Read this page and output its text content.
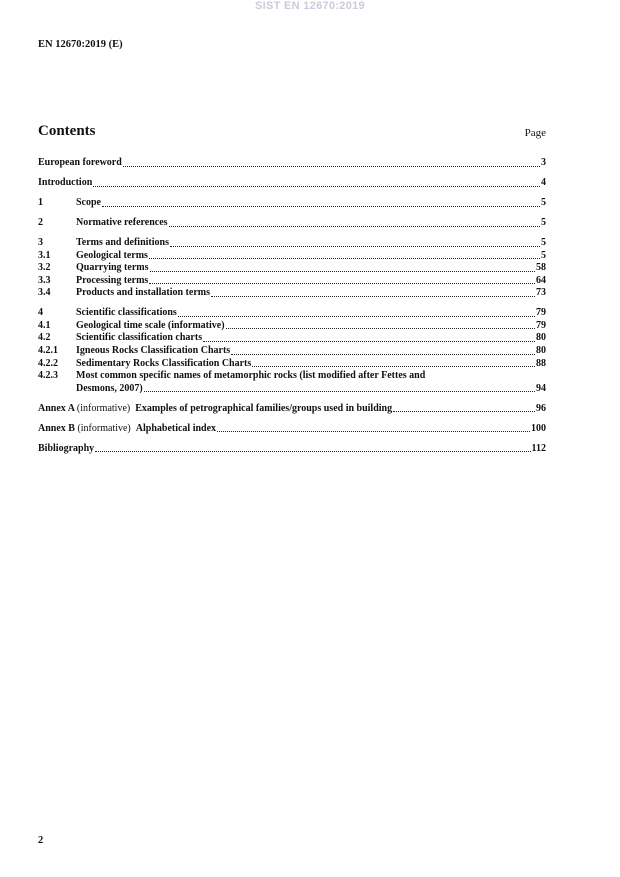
SIST EN 12670:2019
EN 12670:2019 (E)
Contents	Page
European foreword	3
Introduction	4
1	Scope	5
2	Normative references	5
3	Terms and definitions	5
3.1	Geological terms	5
3.2	Quarrying terms	58
3.3	Processing terms	64
3.4	Products and installation terms	73
4	Scientific classifications	79
4.1	Geological time scale (informative)	79
4.2	Scientific classification charts	80
4.2.1	Igneous Rocks Classification Charts	80
4.2.2	Sedimentary Rocks Classification Charts	88
4.2.3	Most common specific names of metamorphic rocks (list modified after Fettes and
Desmons, 2007)	94
Annex A (informative) Examples of petrographical families/groups used in building	96
Annex B (informative) Alphabetical index	100
Bibliography	112
2
